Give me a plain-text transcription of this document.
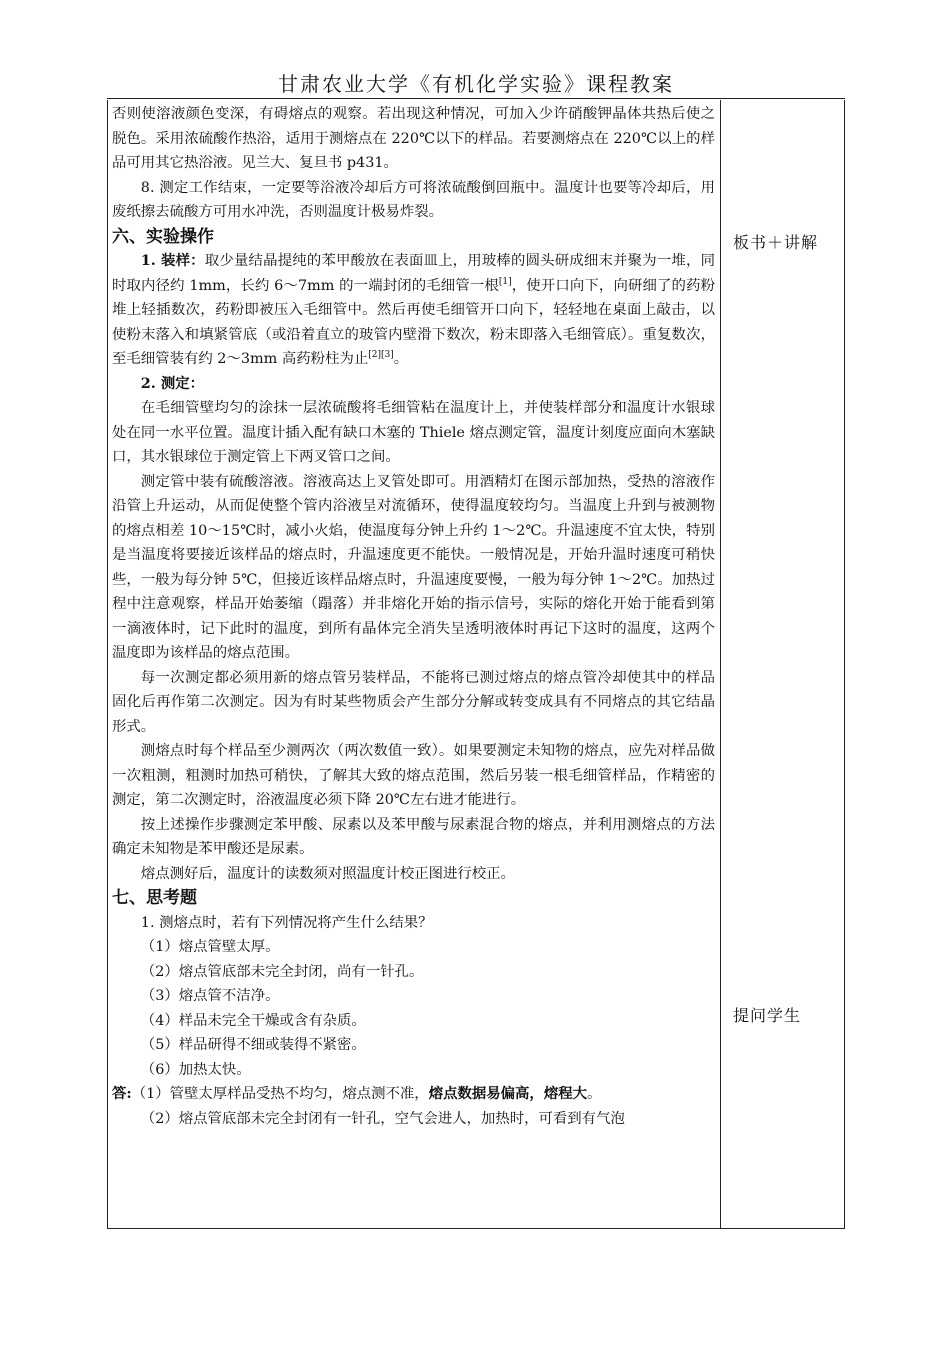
甘肃农业大学《有机化学实验》课程教案

否则使溶液颜色变深，有碍熔点的观察。若出现这种情况，可加入少许硝酸钾晶体共热后使之脱色。采用浓硫酸作热浴，适用于测熔点在 220℃以下的样品。若要测熔点在 220℃以上的样品可用其它热浴液。见兰大、复旦书 p431。

8. 测定工作结束，一定要等浴液冷却后方可将浓硫酸倒回瓶中。温度计也要等冷却后，用废纸擦去硫酸方可用水冲洗，否则温度计极易炸裂。

六、实验操作

1. 装样：取少量结晶提纯的苯甲酸放在表面皿上，用玻棒的圆头研成细末并聚为一堆，同时取内径约 1mm，长约 6～7mm 的一端封闭的毛细管一根[1]，使开口向下，向研细了的药粉堆上轻插数次，药粉即被压入毛细管中。然后再使毛细管开口向下，轻轻地在桌面上敲击，以使粉末落入和填紧管底（或沿着直立的玻管内壁滑下数次，粉末即落入毛细管底）。重复数次，至毛细管装有约 2～3mm 高药粉柱为止[2][3]。

2. 测定：

在毛细管壁均匀的涂抹一层浓硫酸将毛细管粘在温度计上，并使装样部分和温度计水银球处在同一水平位置。温度计插入配有缺口木塞的 Thiele 熔点测定管，温度计刻度应面向木塞缺口，其水银球位于测定管上下两叉管口之间。

测定管中装有硫酸溶液。溶液高达上叉管处即可。用酒精灯在图示部加热，受热的溶液作沿管上升运动，从而促使整个管内浴液呈对流循环，使得温度较均匀。当温度上升到与被测物的熔点相差 10～15℃时，减小火焰，使温度每分钟上升约 1～2℃。升温速度不宜太快，特别是当温度将要接近该样品的熔点时，升温速度更不能快。一般情况是，开始升温时速度可稍快些，一般为每分钟 5℃，但接近该样品熔点时，升温速度要慢，一般为每分钟 1～2℃。加热过程中注意观察，样品开始萎缩（蹋落）并非熔化开始的指示信号，实际的熔化开始于能看到第一滴液体时，记下此时的温度，到所有晶体完全消失呈透明液体时再记下这时的温度，这两个温度即为该样品的熔点范围。

每一次测定都必须用新的熔点管另装样品，不能将已测过熔点的熔点管冷却使其中的样品固化后再作第二次测定。因为有时某些物质会产生部分分解或转变成具有不同熔点的其它结晶形式。

测熔点时每个样品至少测两次（两次数值一致）。如果要测定未知物的熔点，应先对样品做一次粗测，粗测时加热可稍快，了解其大致的熔点范围，然后另装一根毛细管样品，作精密的测定，第二次测定时，浴液温度必须下降 20℃左右进才能进行。

按上述操作步骤测定苯甲酸、尿素以及苯甲酸与尿素混合物的熔点，并利用测熔点的方法确定未知物是苯甲酸还是尿素。

熔点测好后，温度计的读数须对照温度计校正图进行校正。

七、思考题

1. 测熔点时，若有下列情况将产生什么结果？

（1）熔点管壁太厚。

（2）熔点管底部未完全封闭，尚有一针孔。

（3）熔点管不洁净。

（4）样品未完全干燥或含有杂质。

（5）样品研得不细或装得不紧密。

（6）加热太快。

答:（1）管壁太厚样品受热不均匀，熔点测不准，熔点数据易偏高，熔程大。

（2）熔点管底部未完全封闭有一针孔，空气会进人，加热时，可看到有气泡

板书＋讲解
提问学生
